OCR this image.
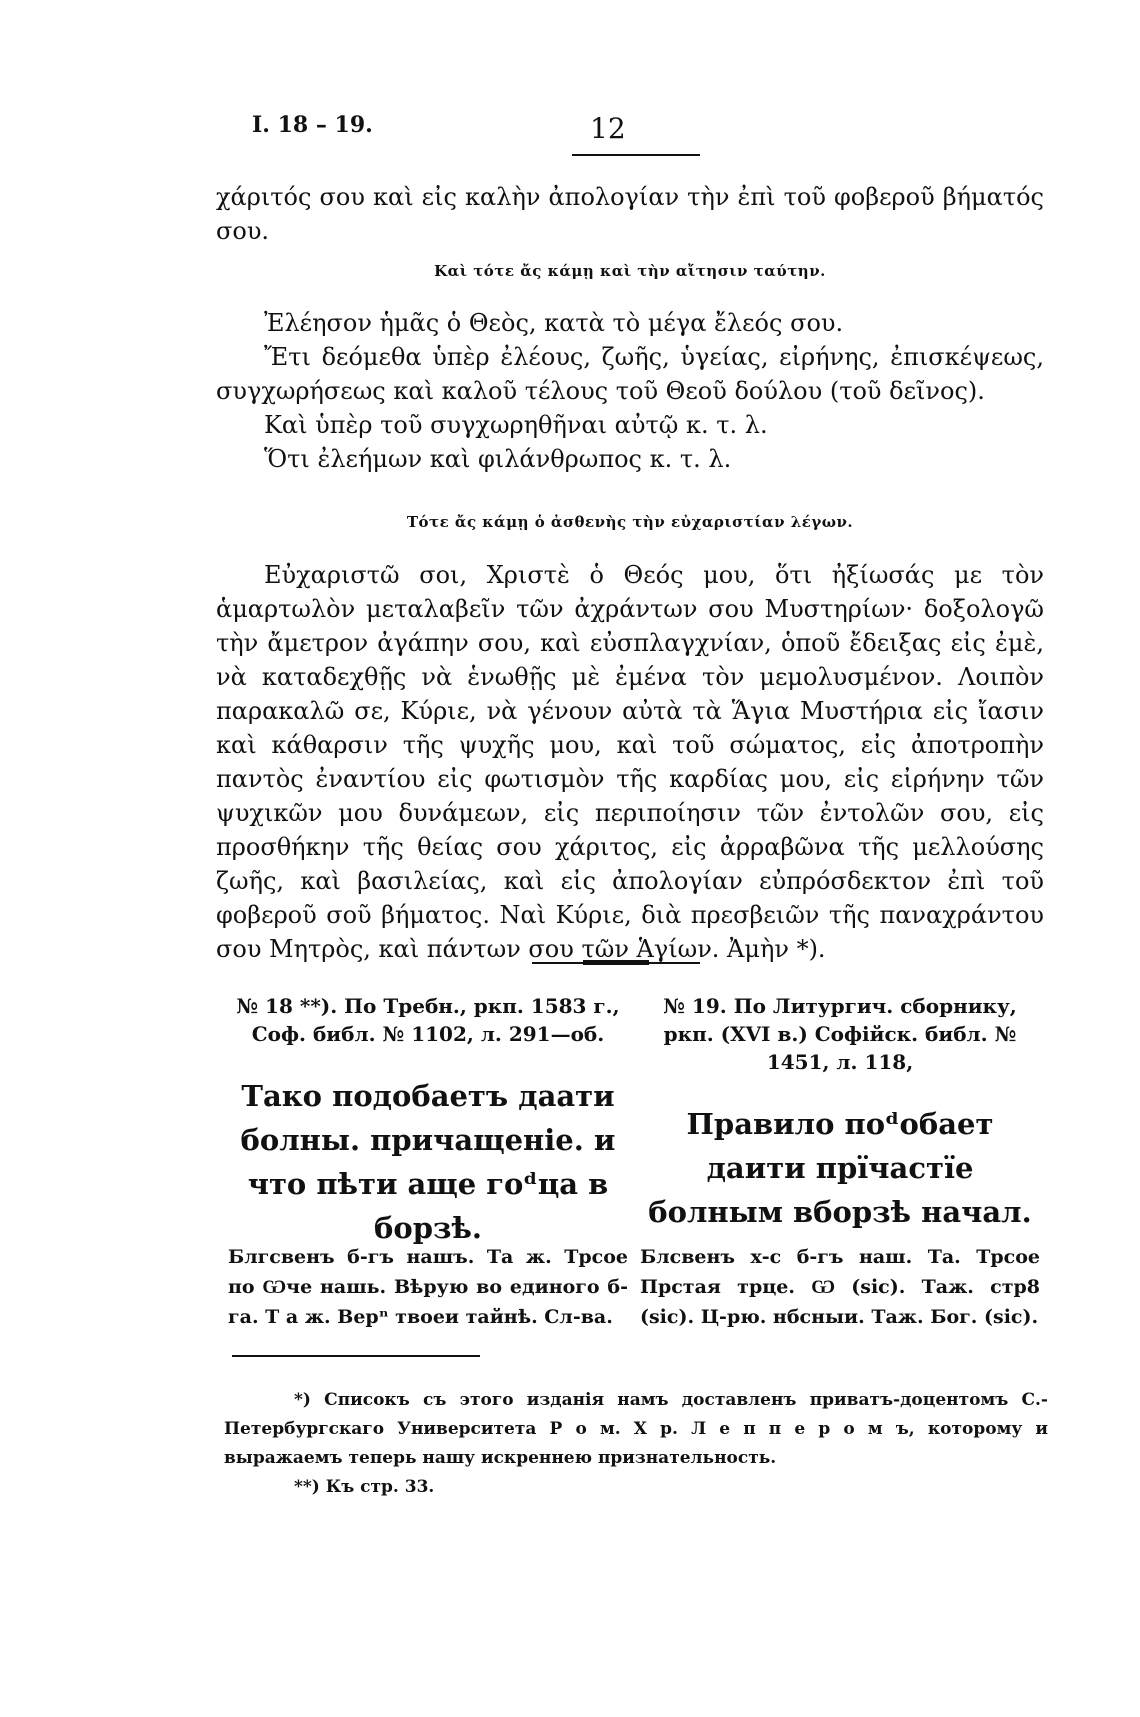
I. 18 – 19.	12
χάριτός σου καὶ εἰς καλὴν ἀπολογίαν τὴν ἐπὶ τοῦ φοβεροῦ βήματός σου.
Καὶ τότε ἄς κάμῃ καὶ τὴν αἴτησιν ταύτην.

Ἐλέησον ἡμᾶς ὁ Θεὸς, κατὰ τὸ μέγα ἔλεός σου.

Ἔτι δεόμεθα ὑπὲρ ἐλέους, ζωῆς, ὑγείας, εἰρήνης, ἐπισκέψεως, συγχωρήσεως καὶ καλοῦ τέλους τοῦ Θεοῦ δούλου (τοῦ δεῖνος).

Καὶ ὑπὲρ τοῦ συγχωρηθῆναι αὐτῷ κ. τ. λ.

Ὅτι ἐλεήμων καὶ φιλάνθρωπος κ. τ. λ.

Τότε ἄς κάμῃ ὁ ἀσθενὴς τὴν εὐχαριστίαν λέγων.

Εὐχαριστῶ σοι, Χριστὲ ὁ Θεός μου, ὅτι ἠξίωσάς με τὸν ἁμαρτωλὸν μεταλαβεῖν τῶν ἀχράντων σου Μυστηρίων· δοξολογῶ τὴν ἄμετρον ἀγάπην σου, καὶ εὐσπλαγχνίαν, ὁποῦ ἔδειξας εἰς ἐμὲ, νὰ καταδεχθῇς νὰ ἑνωθῇς μὲ ἐμένα τὸν μεμολυσμένον. Λοιπὸν παρακαλῶ σε, Κύριε, νὰ γένουν αὐτὰ τὰ Ἅγια Μυστήρια εἰς ἴασιν καὶ κάθαρσιν τῆς ψυχῆς μου, καὶ τοῦ σώματος, εἰς ἀποτροπὴν παντὸς ἐναντίου εἰς φωτισμὸν τῆς καρδίας μου, εἰς εἰρήνην τῶν ψυχικῶν μου δυνάμεων, εἰς περιποίησιν τῶν ἐντολῶν σου, εἰς προσθήκην τῆς θείας σου χάριτος, εἰς ἀρραβῶνα τῆς μελλούσης ζωῆς, καὶ βασιλείας, καὶ εἰς ἀπολογίαν εὐπρόσδεκτον ἐπὶ τοῦ φοβεροῦ σοῦ βήματος. Ναὶ Κύριε, διὰ πρεσβειῶν τῆς παναχράντου σου Μητρὸς, καὶ πάντων σου τῶν Ἁγίων. Ἀμὴν *).

№ 18 **). По Требн., ркп. 1583 г., Соф. библ. № 1102, л. 291—об.
Тако подобаетъ даати болны. причащеніе. и что пѣти аще гоᵈца в борзѣ.
Блгсвенъ б-гъ нашъ. Та ж. Трсое по Ѡче нашь. Вѣрую во единого б-га. Т а ж. Верⁿ твоеи тайнѣ. Сл-ва.
№ 19. По Литургич. сборнику, ркп. (XVI в.) Софійск. библ. № 1451, л. 118,
Правило поᵈобает даити прїчастїе болным вборзѣ начал.
Блсвенъ х-с б-гъ наш. Та. Трсое Прстая трце. Ѡ (sic). Таж. стр8 (sic). Ц-рю. нбсныи. Таж. Бог. (sic).

*) Списокъ съ этого изданія намъ доставленъ приватъ-доцентомъ С.-Петербургскаго Университета Р о м. Х р. Л е п п е р о м ъ, которому и выражаемъ теперь нашу искреннею признательность.

**) Къ стр. 33.
